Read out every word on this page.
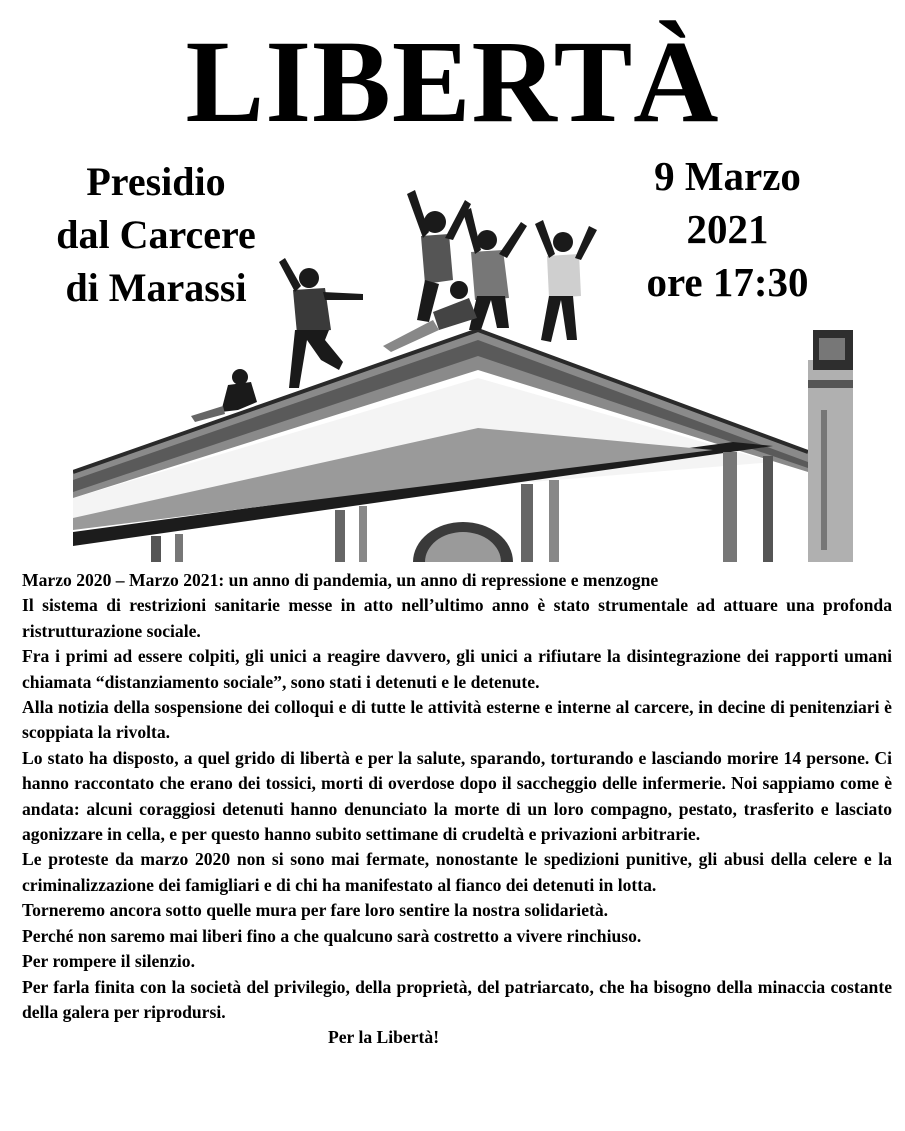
LIBERTÀ
Presidio
dal Carcere
di Marassi
9 Marzo
2021
ore 17:30

Marzo 2020 – Marzo 2021: un anno di pandemia, un anno di repressione e menzogne

Il sistema di restrizioni sanitarie messe in atto nell’ultimo anno è stato strumentale ad attuare una profonda ristrutturazione sociale.

Fra i primi ad essere colpiti, gli unici a reagire davvero, gli unici a rifiutare la disintegrazione dei rapporti umani chiamata “distanziamento sociale”, sono stati i detenuti e le detenute.

Alla notizia della sospensione dei colloqui e di tutte le attività esterne e interne al carcere, in decine di penitenziari è scoppiata la rivolta.

Lo stato ha disposto, a quel grido di libertà e per la salute, sparando, torturando e lasciando morire 14 persone. Ci hanno raccontato che erano dei tossici, morti di overdose dopo il saccheggio delle infermerie. Noi sappiamo come è andata: alcuni coraggiosi detenuti hanno denunciato la morte di un loro compagno, pestato, trasferito e lasciato agonizzare in cella, e per questo hanno subito settimane di crudeltà e privazioni arbitrarie.

Le proteste da marzo 2020 non si sono mai fermate, nonostante le spedizioni punitive, gli abusi della celere e la criminalizzazione dei famigliari e di chi ha manifestato al fianco dei detenuti in lotta.

Torneremo ancora sotto quelle mura per fare loro sentire la nostra solidarietà.

Perché non saremo mai liberi fino a che qualcuno sarà costretto a vivere rinchiuso.

Per rompere il silenzio.

Per farla finita con la società del privilegio, della proprietà, del patriarcato, che ha bisogno della minaccia costante della galera per riprodursi.

Per la Libertà!
